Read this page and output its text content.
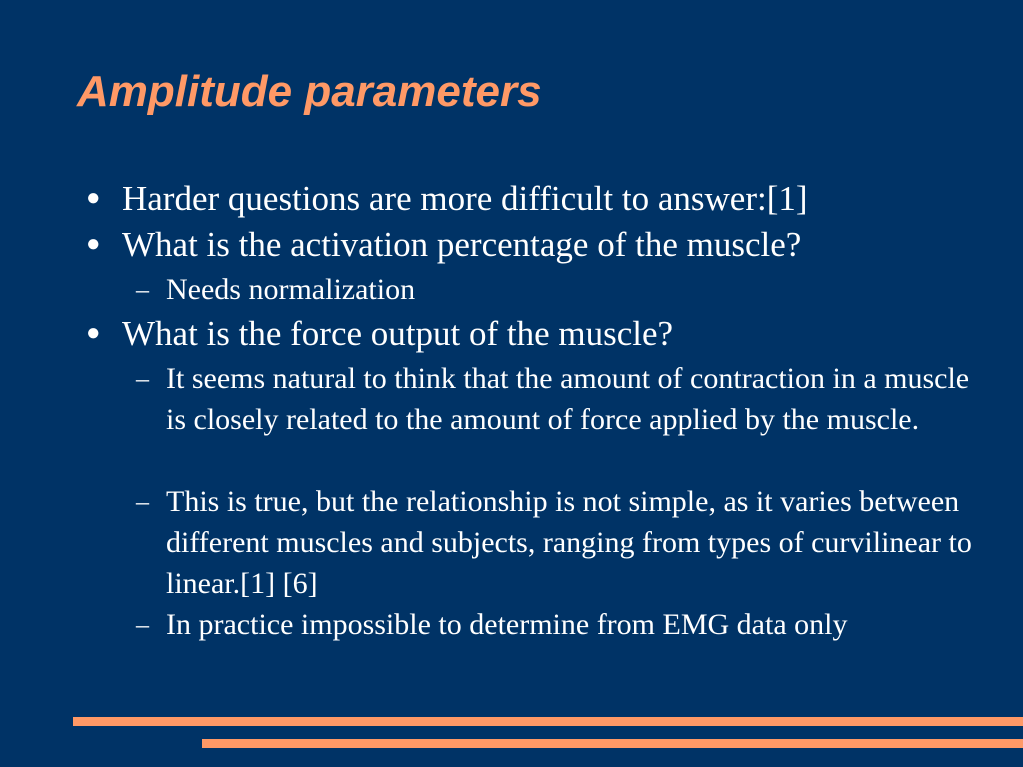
Amplitude parameters
● Harder questions are more difficult to answer:[1]
● What is the activation percentage of the muscle?
– Needs normalization
● What is the force output of the muscle?
– It seems natural to think that the amount of contraction in a muscle is closely related to the amount of force applied by the muscle.
– This is true, but the relationship is not simple, as it varies between different muscles and subjects, ranging from types of curvilinear to linear.[1] [6]
– In practice impossible to determine from EMG data only
